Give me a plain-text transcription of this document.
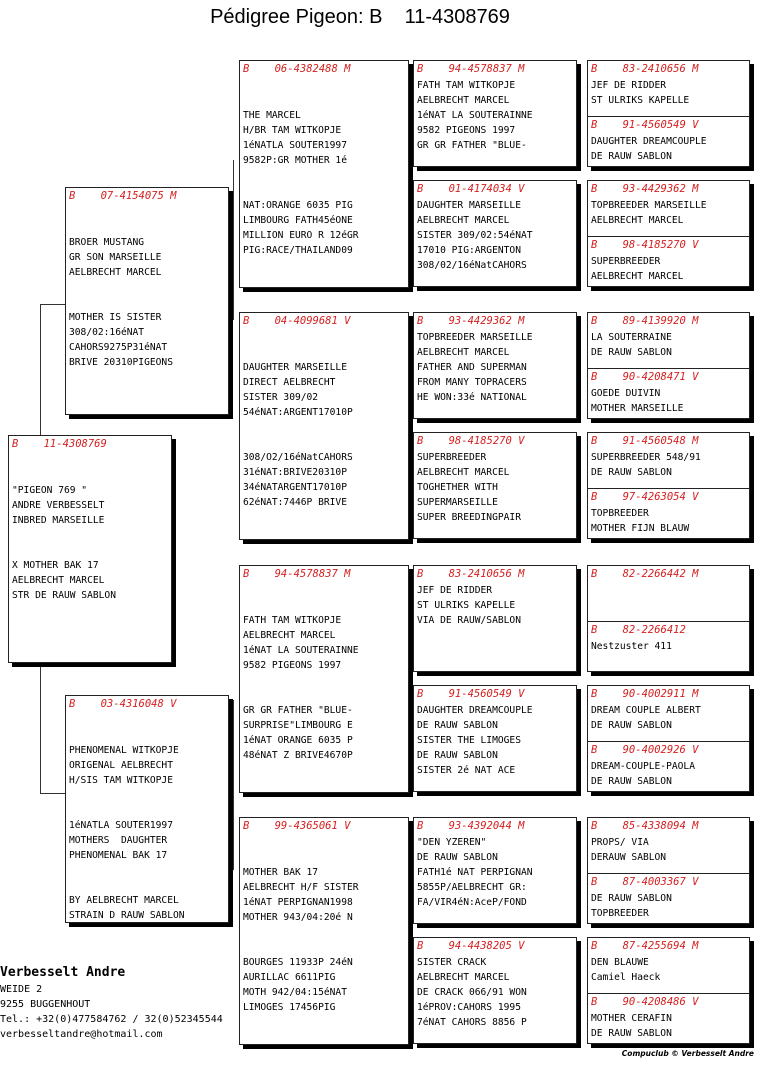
Pédigree Pigeon: B    11-4308769
B    11-4308769

"PIGEON 769 "
ANDRE VERBESSELT
INBRED MARSEILLE

X MOTHER BAK 17
AELBRECHT MARCEL
STR DE RAUW SABLON

B    07-4154075 M

BROER MUSTANG
GR SON MARSEILLE
AELBRECHT MARCEL

MOTHER IS SISTER
308/02:16éNAT
CAHORS9275P31éNAT
BRIVE 20310PIGEONS

B    03-4316048 V

PHENOMENAL WITKOPJE
ORIGENAL AELBRECHT
H/SIS TAM WITKOPJE

1éNATLA SOUTER1997
MOTHERS  DAUGHTER
PHENOMENAL BAK 17

BY AELBRECHT MARCEL
STRAIN D RAUW SABLON

B    06-4382488 M

THE MARCEL
H/BR TAM WITKOPJE
1éNATLA SOUTER1997
9582P:GR MOTHER 1é

NAT:ORANGE 6035 PIG
LIMBOURG FATH45éONE
MILLION EURO R 12éGR
PIG:RACE/THAILAND09

B    04-4099681 V

DAUGHTER MARSEILLE
DIRECT AELBRECHT
SISTER 309/02
54éNAT:ARGENT17010P

308/O2/16éNatCAHORS
31éNAT:BRIVE20310P
34éNATARGENT17010P
62éNAT:7446P BRIVE

B    94-4578837 M

FATH TAM WITKOPJE
AELBRECHT MARCEL
1éNAT LA SOUTERAINNE
9582 PIGEONS 1997

GR GR FATHER "BLUE-
SURPRISE"LIMBOURG E
1éNAT ORANGE 6035 P
48éNAT Z BRIVE4670P

B    99-4365061 V

MOTHER BAK 17
AELBRECHT H/F SISTER
1éNAT PERPIGNAN1998
MOTHER 943/04:20é N

BOURGES 11933P 24éN
AURILLAC 6611PIG
MOTH 942/04:15éNAT
LIMOGES 17456PIG

B    94-4578837 M
FATH TAM WITKOPJE
AELBRECHT MARCEL
1éNAT LA SOUTERAINNE
9582 PIGEONS 1997
GR GR FATHER "BLUE-
B    01-4174034 V
DAUGHTER MARSEILLE
AELBRECHT MARCEL
SISTER 309/02:54éNAT
17010 PIG:ARGENTON
308/02/16éNatCAHORS
B    93-4429362 M
TOPBREEDER MARSEILLE
AELBRECHT MARCEL
FATHER AND SUPERMAN
FROM MANY TOPRACERS
HE WON:33é NATIONAL
B    98-4185270 V
SUPERBREEDER
AELBRECHT MARCEL
TOGHETHER WITH
SUPERMARSEILLE
SUPER BREEDINGPAIR
B    83-2410656 M
JEF DE RIDDER
ST ULRIKS KAPELLE
VIA DE RAUW/SABLON
B    91-4560549 V
DAUGHTER DREAMCOUPLE
DE RAUW SABLON
SISTER THE LIMOGES
DE RAUW SABLON
SISTER 2é NAT ACE
B    93-4392044 M
"DEN YZEREN"
DE RAUW SABLON
FATH1é NAT PERPIGNAN
5855P/AELBRECHT GR:
FA/VIR4éN:AceP/FOND
B    94-4438205 V
SISTER CRACK
AELBRECHT MARCEL
DE CRACK 066/91 WON
1éPROV:CAHORS 1995
7éNAT CAHORS 8856 P
B    83-2410656 M
JEF DE RIDDER
ST ULRIKS KAPELLE
B    91-4560549 V
DAUGHTER DREAMCOUPLE
DE RAUW SABLON
B    93-4429362 M
TOPBREEDER MARSEILLE
AELBRECHT MARCEL
B    98-4185270 V
SUPERBREEDER
AELBRECHT MARCEL
B    89-4139920 M
LA SOUTERRAINE
DE RAUW SABLON
B    90-4208471 V
GOEDE DUIVIN
MOTHER MARSEILLE
B    91-4560548 M
SUPERBREEDER 548/91
DE RAUW SABLON
B    97-4263054 V
TOPBREEDER
MOTHER FIJN BLAUW
B    82-2266442 M
B    82-2266412
Nestzuster 411
B    90-4002911 M
DREAM COUPLE ALBERT
DE RAUW SABLON
B    90-4002926 V
DREAM-COUPLE-PAOLA
DE RAUW SABLON
B    85-4338094 M
PROPS/ VIA
DERAUW SABLON
B    87-4003367 V
DE RAUW SABLON
TOPBREEDER
B    87-4255694 M
DEN BLAUWE
Camiel Haeck
B    90-4208486 V
MOTHER CERAFIN
DE RAUW SABLON
Verbesselt Andre
WEIDE 2
9255 BUGGENHOUT
Tel.: +32(0)477584762 / 32(0)52345544
verbesseltandre@hotmail.com
Compuclub © Verbesselt Andre
